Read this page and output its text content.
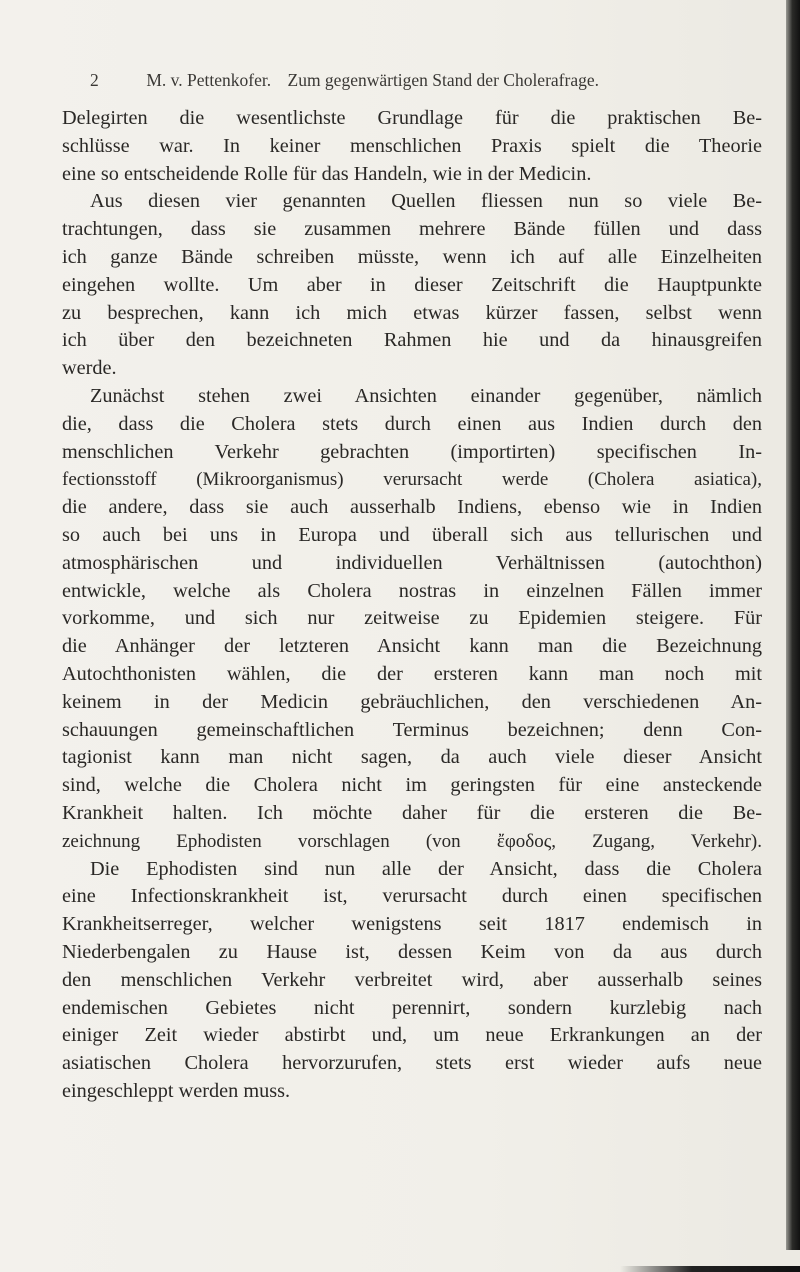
2	M. v. Pettenkofer. Zum gegenwärtigen Stand der Cholerafrage.
Delegirten die wesentlichste Grundlage für die praktischen Be-
schlüsse war. In keiner menschlichen Praxis spielt die Theorie
eine so entscheidende Rolle für das Handeln, wie in der Medicin.
Aus diesen vier genannten Quellen fliessen nun so viele Be-
trachtungen, dass sie zusammen mehrere Bände füllen und dass
ich ganze Bände schreiben müsste, wenn ich auf alle Einzelheiten
eingehen wollte. Um aber in dieser Zeitschrift die Hauptpunkte
zu besprechen, kann ich mich etwas kürzer fassen, selbst wenn
ich über den bezeichneten Rahmen hie und da hinausgreifen
werde.
Zunächst stehen zwei Ansichten einander gegenüber, nämlich
die, dass die Cholera stets durch einen aus Indien durch den
menschlichen Verkehr gebrachten (importirten) specifischen In-
fectionsstoff (Mikroorganismus) verursacht werde (Cholera asiatica),
die andere, dass sie auch ausserhalb Indiens, ebenso wie in Indien
so auch bei uns in Europa und überall sich aus tellurischen und
atmosphärischen und individuellen Verhältnissen (autochthon)
entwickle, welche als Cholera nostras in einzelnen Fällen immer
vorkomme, und sich nur zeitweise zu Epidemien steigere. Für
die Anhänger der letzteren Ansicht kann man die Bezeichnung
Autochthonisten wählen, die der ersteren kann man noch mit
keinem in der Medicin gebräuchlichen, den verschiedenen An-
schauungen gemeinschaftlichen Terminus bezeichnen; denn Con-
tagionist kann man nicht sagen, da auch viele dieser Ansicht
sind, welche die Cholera nicht im geringsten für eine ansteckende
Krankheit halten. Ich möchte daher für die ersteren die Be-
zeichnung Ephodisten vorschlagen (von ἔφοδος, Zugang, Verkehr).
Die Ephodisten sind nun alle der Ansicht, dass die Cholera
eine Infectionskrankheit ist, verursacht durch einen specifischen
Krankheitserreger, welcher wenigstens seit 1817 endemisch in
Niederbengalen zu Hause ist, dessen Keim von da aus durch
den menschlichen Verkehr verbreitet wird, aber ausserhalb seines
endemischen Gebietes nicht perennirt, sondern kurzlebig nach
einiger Zeit wieder abstirbt und, um neue Erkrankungen an der
asiatischen Cholera hervorzurufen, stets erst wieder aufs neue
eingeschleppt werden muss.
